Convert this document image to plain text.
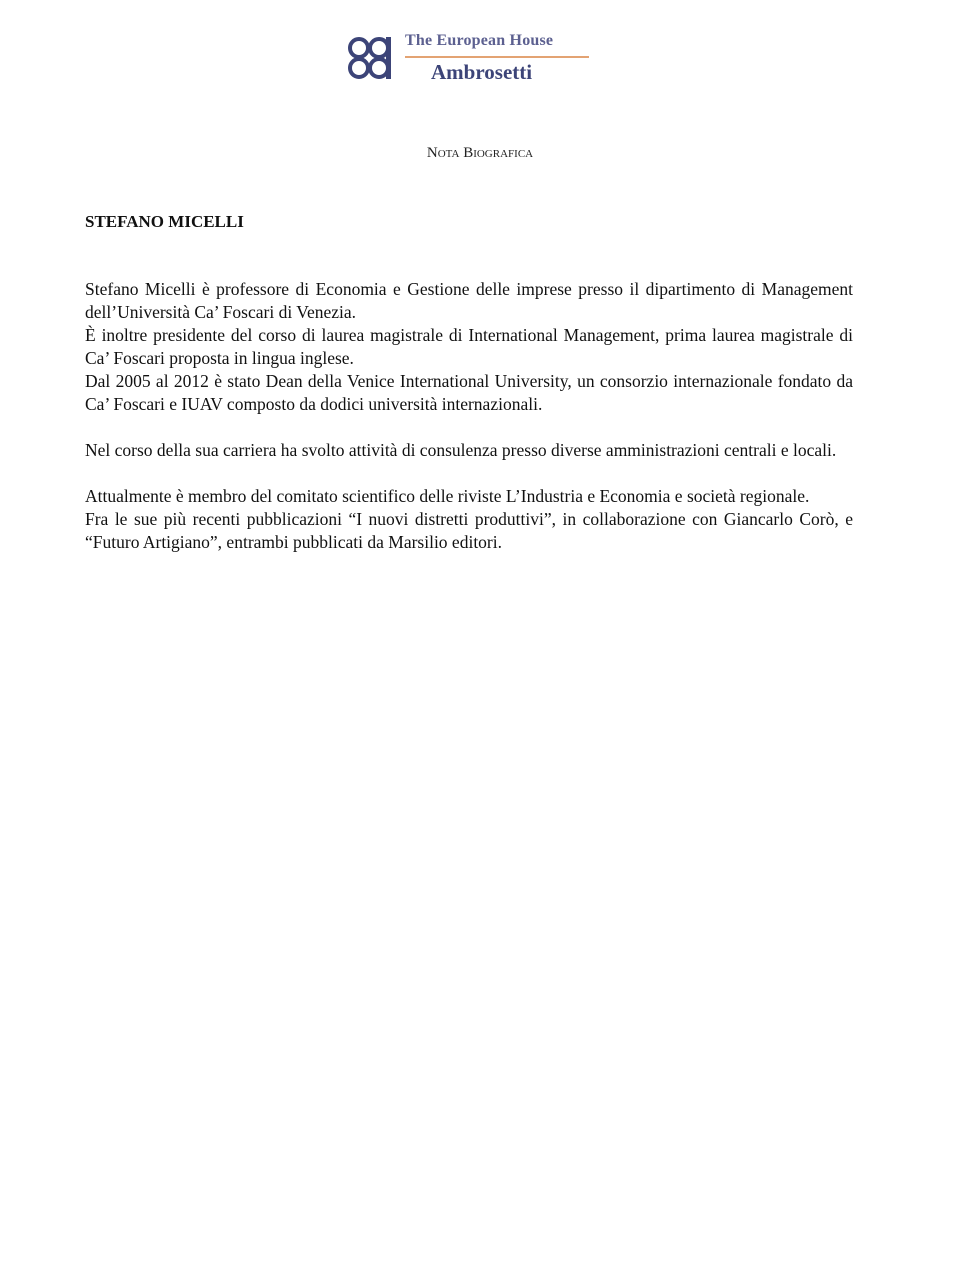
The European House
Ambrosetti
Nota Biografica
STEFANO MICELLI

Stefano Micelli è professore di Economia e Gestione delle imprese presso il dipartimento di Management dell’Università Ca’ Foscari di Venezia.

È inoltre presidente del corso di laurea magistrale di International Management, prima laurea magistrale di Ca’ Foscari proposta in lingua inglese.

Dal 2005 al 2012 è stato Dean della Venice International University, un consorzio internazionale fondato da Ca’ Foscari e IUAV composto da dodici università internazionali.

Nel corso della sua carriera ha svolto attività di consulenza presso diverse amministrazioni centrali e locali.

Attualmente è membro del comitato scientifico delle riviste L’Industria e Economia e società regionale.

Fra le sue più recenti pubblicazioni “I nuovi distretti produttivi”, in collaborazione con Giancarlo Corò, e “Futuro Artigiano”, entrambi pubblicati da Marsilio editori.
